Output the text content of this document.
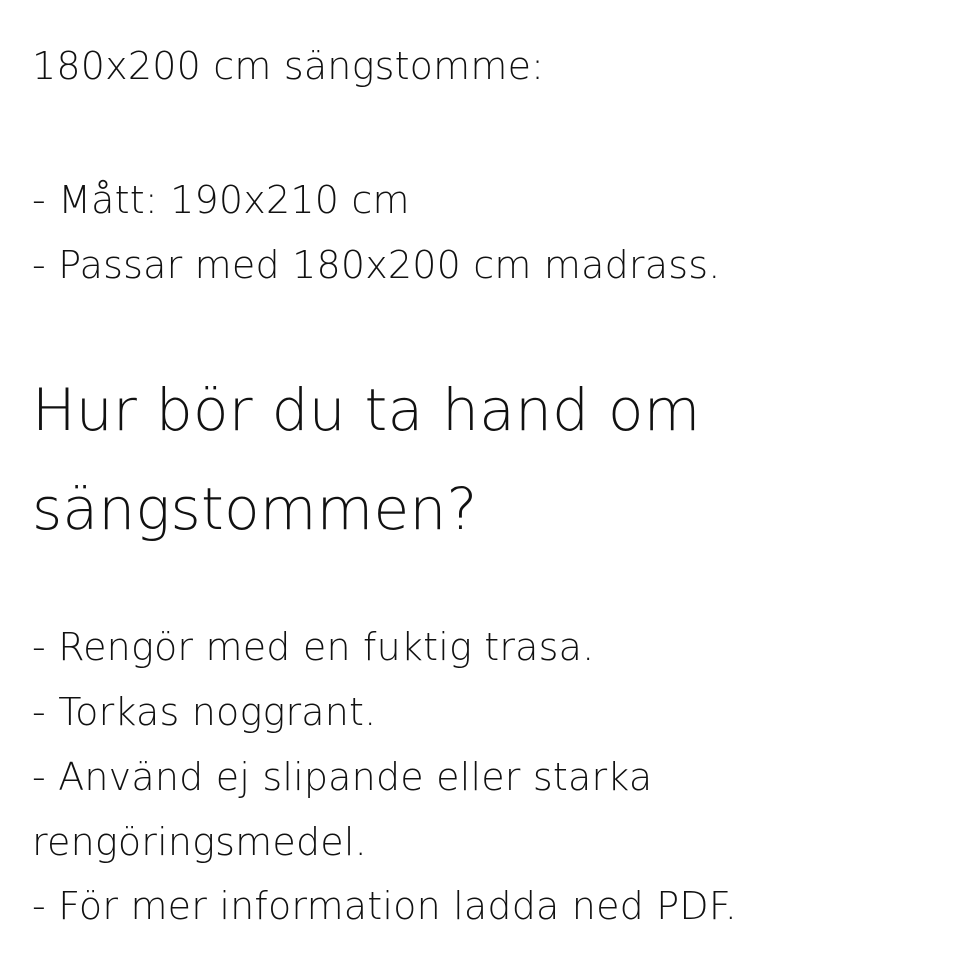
180x200 cm sängstomme:
- Mått: 190x210 cm
- Passar med 180x200 cm madrass.
Hur bör du ta hand om
sängstommen?
- Rengör med en fuktig trasa.
- Torkas noggrant.
- Använd ej slipande eller starka
rengöringsmedel.
- För mer information ladda ned PDF.
